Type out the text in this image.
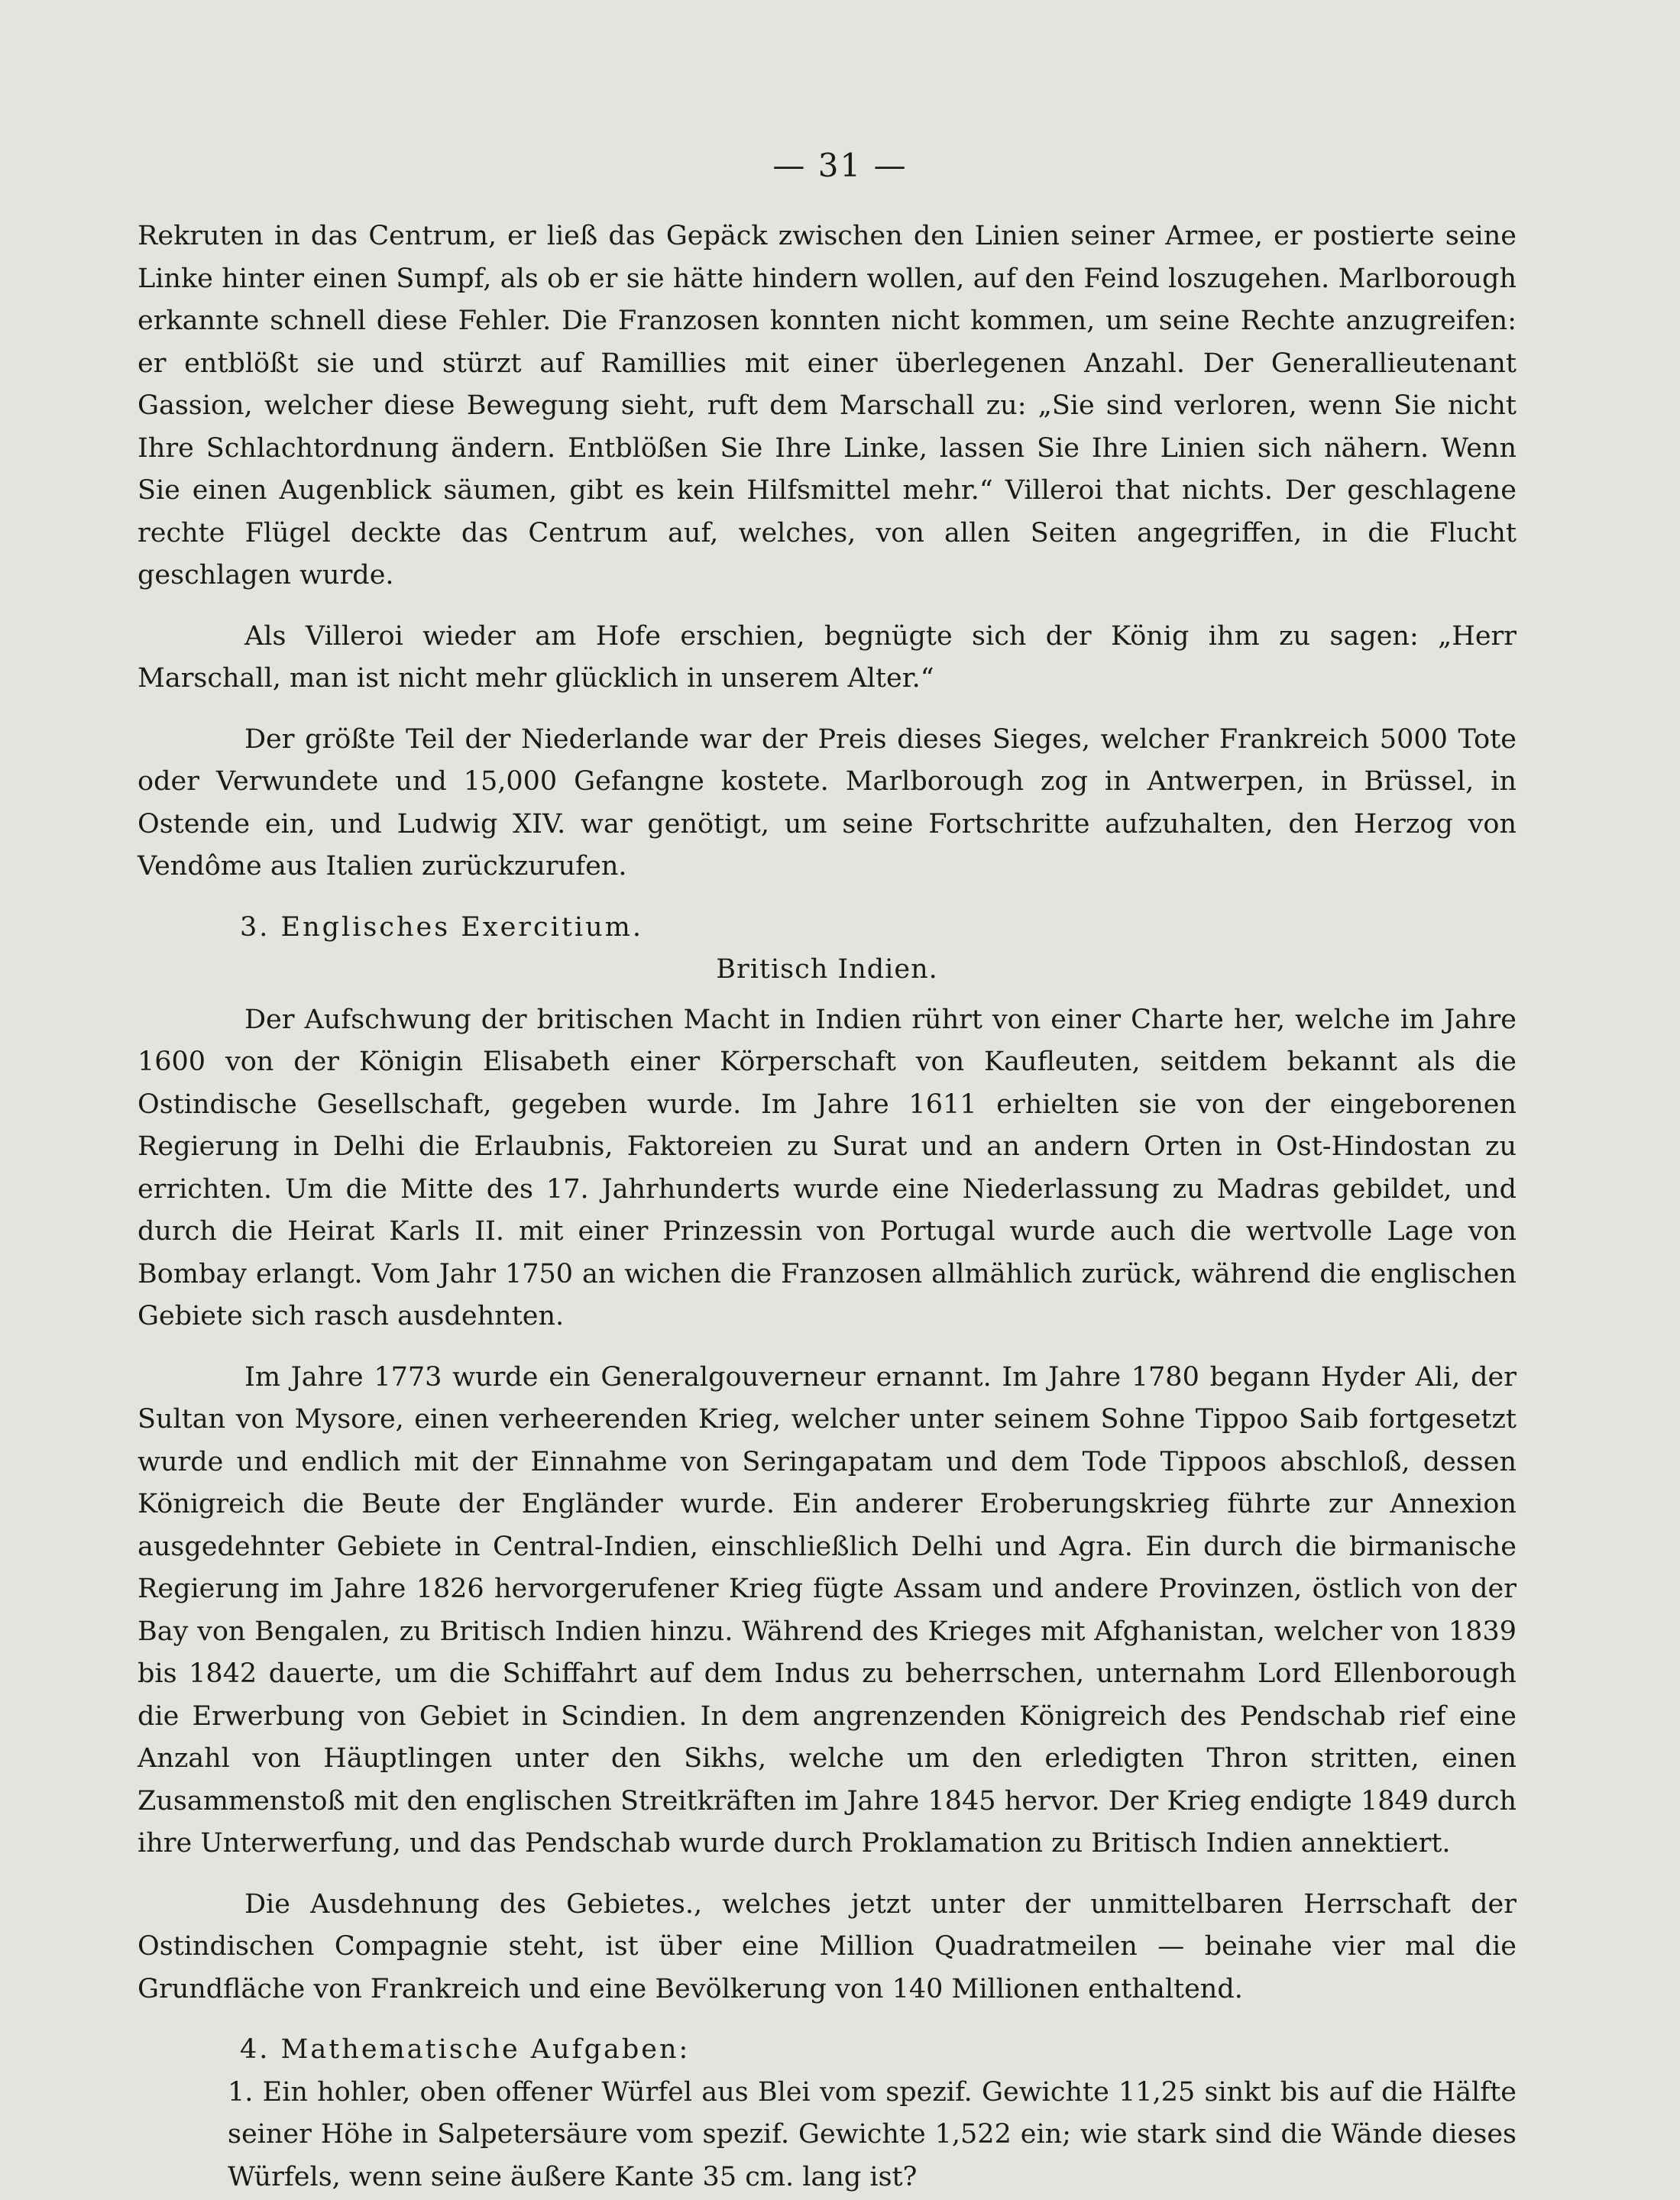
— 31 —

Rekruten in das Centrum, er ließ das Gepäck zwischen den Linien seiner Armee, er postierte seine Linke hinter einen Sumpf, als ob er sie hätte hindern wollen, auf den Feind loszugehen. Marlborough erkannte schnell diese Fehler. Die Franzosen konnten nicht kommen, um seine Rechte anzugreifen: er entblößt sie und stürzt auf Ramillies mit einer überlegenen Anzahl. Der Generallieutenant Gassion, welcher diese Bewegung sieht, ruft dem Marschall zu: „Sie sind verloren, wenn Sie nicht Ihre Schlachtordnung ändern. Entblößen Sie Ihre Linke, lassen Sie Ihre Linien sich nähern. Wenn Sie einen Augenblick säumen, gibt es kein Hilfsmittel mehr.“ Villeroi that nichts. Der geschlagene rechte Flügel deckte das Centrum auf, welches, von allen Seiten angegriffen, in die Flucht geschlagen wurde.

Als Villeroi wieder am Hofe erschien, begnügte sich der König ihm zu sagen: „Herr Marschall, man ist nicht mehr glücklich in unserem Alter.“

Der größte Teil der Niederlande war der Preis dieses Sieges, welcher Frankreich 5000 Tote oder Verwundete und 15,000 Gefangne kostete. Marlborough zog in Antwerpen, in Brüssel, in Ostende ein, und Ludwig XIV. war genötigt, um seine Fortschritte aufzuhalten, den Herzog von Vendôme aus Italien zurückzurufen.

3. Englisches Exercitium.

Britisch Indien.

Der Aufschwung der britischen Macht in Indien rührt von einer Charte her, welche im Jahre 1600 von der Königin Elisabeth einer Körperschaft von Kaufleuten, seitdem bekannt als die Ostindische Gesellschaft, gegeben wurde. Im Jahre 1611 erhielten sie von der eingeborenen Regierung in Delhi die Erlaubnis, Faktoreien zu Surat und an andern Orten in Ost-Hindostan zu errichten. Um die Mitte des 17. Jahrhunderts wurde eine Niederlassung zu Madras gebildet, und durch die Heirat Karls II. mit einer Prinzessin von Portugal wurde auch die wertvolle Lage von Bombay erlangt. Vom Jahr 1750 an wichen die Franzosen allmählich zurück, während die englischen Gebiete sich rasch ausdehnten.

Im Jahre 1773 wurde ein Generalgouverneur ernannt. Im Jahre 1780 begann Hyder Ali, der Sultan von Mysore, einen verheerenden Krieg, welcher unter seinem Sohne Tippoo Saib fortgesetzt wurde und endlich mit der Einnahme von Seringapatam und dem Tode Tippoos abschloß, dessen Königreich die Beute der Engländer wurde. Ein anderer Eroberungskrieg führte zur Annexion ausgedehnter Gebiete in Central-Indien, einschließlich Delhi und Agra. Ein durch die birmanische Regierung im Jahre 1826 hervorgerufener Krieg fügte Assam und andere Provinzen, östlich von der Bay von Bengalen, zu Britisch Indien hinzu. Während des Krieges mit Afghanistan, welcher von 1839 bis 1842 dauerte, um die Schiffahrt auf dem Indus zu beherrschen, unternahm Lord Ellenborough die Erwerbung von Gebiet in Scindien. In dem angrenzenden Königreich des Pendschab rief eine Anzahl von Häuptlingen unter den Sikhs, welche um den erledigten Thron stritten, einen Zusammenstoß mit den englischen Streitkräften im Jahre 1845 hervor. Der Krieg endigte 1849 durch ihre Unterwerfung, und das Pendschab wurde durch Proklamation zu Britisch Indien annektiert.

Die Ausdehnung des Gebietes., welches jetzt unter der unmittelbaren Herrschaft der Ostindischen Compagnie steht, ist über eine Million Quadratmeilen — beinahe vier mal die Grundfläche von Frankreich und eine Bevölkerung von 140 Millionen enthaltend.

4. Mathematische Aufgaben:

1. Ein hohler, oben offener Würfel aus Blei vom spezif. Gewichte 11,25 sinkt bis auf die Hälfte seiner Höhe in Salpetersäure vom spezif. Gewichte 1,522 ein; wie stark sind die Wände dieses Würfels, wenn seine äußere Kante 35 cm. lang ist?
